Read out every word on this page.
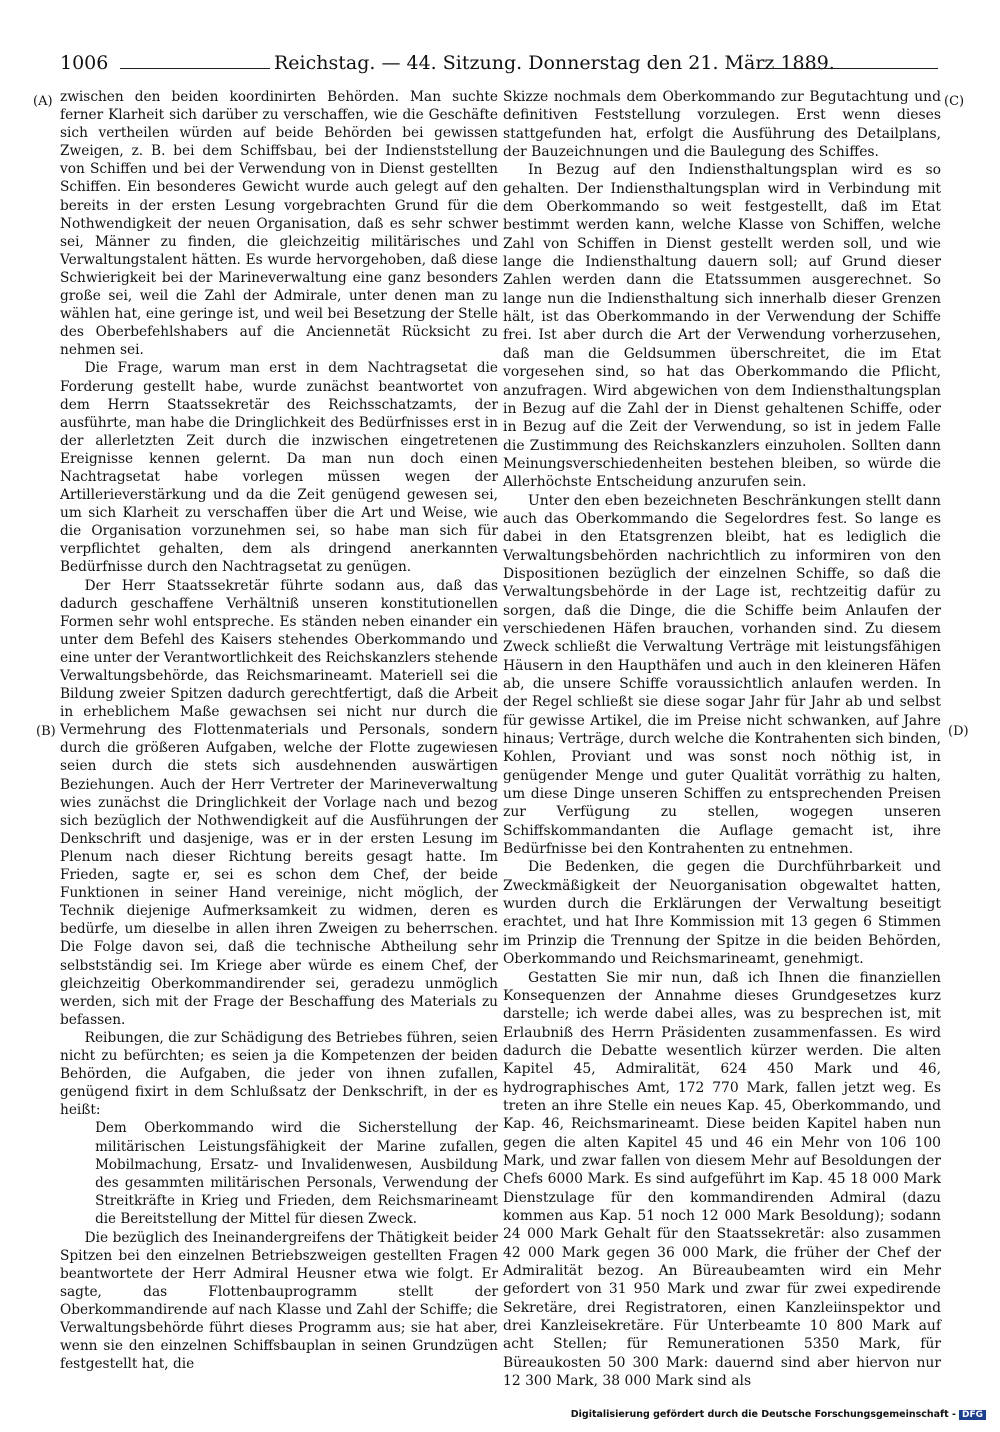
1006	Reichstag. — 44. Sitzung. Donnerstag den 21. März 1889.
(A)
(B)
(C)
(D)

zwischen den beiden koordinirten Behörden. Man suchte ferner Klarheit sich darüber zu verschaffen, wie die Geschäfte sich vertheilen würden auf beide Behörden bei gewissen Zweigen, z. B. bei dem Schiffsbau, bei der Indienststellung von Schiffen und bei der Verwendung von in Dienst gestellten Schiffen. Ein besonderes Gewicht wurde auch gelegt auf den bereits in der ersten Lesung vorgebrachten Grund für die Nothwendigkeit der neuen Organisation, daß es sehr schwer sei, Männer zu finden, die gleichzeitig militärisches und Verwaltungstalent hätten. Es wurde hervorgehoben, daß diese Schwierigkeit bei der Marineverwaltung eine ganz besonders große sei, weil die Zahl der Admirale, unter denen man zu wählen hat, eine geringe ist, und weil bei Besetzung der Stelle des Oberbefehlshabers auf die Anciennetät Rücksicht zu nehmen sei.

Die Frage, warum man erst in dem Nachtragsetat die Forderung gestellt habe, wurde zunächst beantwortet von dem Herrn Staatssekretär des Reichsschatzamts, der ausführte, man habe die Dringlichkeit des Bedürfnisses erst in der allerletzten Zeit durch die inzwischen eingetretenen Ereignisse kennen gelernt. Da man nun doch einen Nachtragsetat habe vorlegen müssen wegen der Artillerieverstärkung und da die Zeit genügend gewesen sei, um sich Klarheit zu verschaffen über die Art und Weise, wie die Organisation vorzunehmen sei, so habe man sich für verpflichtet gehalten, dem als dringend anerkannten Bedürfnisse durch den Nachtragsetat zu genügen.

Der Herr Staatssekretär führte sodann aus, daß das dadurch geschaffene Verhältniß unseren konstitutionellen Formen sehr wohl entspreche. Es ständen neben einander ein unter dem Befehl des Kaisers stehendes Oberkommando und eine unter der Verantwortlichkeit des Reichskanzlers stehende Verwaltungsbehörde, das Reichsmarineamt. Materiell sei die Bildung zweier Spitzen dadurch gerechtfertigt, daß die Arbeit in erheblichem Maße gewachsen sei nicht nur durch die Vermehrung des Flottenmaterials und Personals, sondern durch die größeren Aufgaben, welche der Flotte zugewiesen seien durch die stets sich ausdehnenden auswärtigen Beziehungen. Auch der Herr Vertreter der Marineverwaltung wies zunächst die Dringlichkeit der Vorlage nach und bezog sich bezüglich der Nothwendigkeit auf die Ausführungen der Denkschrift und dasjenige, was er in der ersten Lesung im Plenum nach dieser Richtung bereits gesagt hatte. Im Frieden, sagte er, sei es schon dem Chef, der beide Funktionen in seiner Hand vereinige, nicht möglich, der Technik diejenige Aufmerksamkeit zu widmen, deren es bedürfe, um dieselbe in allen ihren Zweigen zu beherrschen. Die Folge davon sei, daß die technische Abtheilung sehr selbstständig sei. Im Kriege aber würde es einem Chef, der gleichzeitig Oberkommandirender sei, geradezu unmöglich werden, sich mit der Frage der Beschaffung des Materials zu befassen.

Reibungen, die zur Schädigung des Betriebes führen, seien nicht zu befürchten; es seien ja die Kompetenzen der beiden Behörden, die Aufgaben, die jeder von ihnen zufallen, genügend fixirt in dem Schlußsatz der Denkschrift, in der es heißt:

Dem Oberkommando wird die Sicherstellung der militärischen Leistungsfähigkeit der Marine zufallen, Mobilmachung, Ersatz- und Invalidenwesen, Ausbildung des gesammten militärischen Personals, Verwendung der Streitkräfte in Krieg und Frieden, dem Reichsmarineamt die Bereitstellung der Mittel für diesen Zweck.

Die bezüglich des Ineinandergreifens der Thätigkeit beider Spitzen bei den einzelnen Betriebszweigen gestellten Fragen beantwortete der Herr Admiral Heusner etwa wie folgt. Er sagte, das Flottenbauprogramm stellt der Oberkommandirende auf nach Klasse und Zahl der Schiffe; die Verwaltungsbehörde führt dieses Programm aus; sie hat aber, wenn sie den einzelnen Schiffsbauplan in seinen Grundzügen festgestellt hat, die

Skizze nochmals dem Oberkommando zur Begutachtung und definitiven Feststellung vorzulegen. Erst wenn dieses stattgefunden hat, erfolgt die Ausführung des Detailplans, der Bauzeichnungen und die Baulegung des Schiffes.

In Bezug auf den Indiensthaltungsplan wird es so gehalten. Der Indiensthaltungsplan wird in Verbindung mit dem Oberkommando so weit festgestellt, daß im Etat bestimmt werden kann, welche Klasse von Schiffen, welche Zahl von Schiffen in Dienst gestellt werden soll, und wie lange die Indiensthaltung dauern soll; auf Grund dieser Zahlen werden dann die Etatssummen ausgerechnet. So lange nun die Indiensthaltung sich innerhalb dieser Grenzen hält, ist das Oberkommando in der Verwendung der Schiffe frei. Ist aber durch die Art der Verwendung vorherzusehen, daß man die Geldsummen überschreitet, die im Etat vorgesehen sind, so hat das Oberkommando die Pflicht, anzufragen. Wird abgewichen von dem Indiensthaltungsplan in Bezug auf die Zahl der in Dienst gehaltenen Schiffe, oder in Bezug auf die Zeit der Verwendung, so ist in jedem Falle die Zustimmung des Reichskanzlers einzuholen. Sollten dann Meinungsverschiedenheiten bestehen bleiben, so würde die Allerhöchste Entscheidung anzurufen sein.

Unter den eben bezeichneten Beschränkungen stellt dann auch das Oberkommando die Segelordres fest. So lange es dabei in den Etatsgrenzen bleibt, hat es lediglich die Verwaltungsbehörden nachrichtlich zu informiren von den Dispositionen bezüglich der einzelnen Schiffe, so daß die Verwaltungsbehörde in der Lage ist, rechtzeitig dafür zu sorgen, daß die Dinge, die die Schiffe beim Anlaufen der verschiedenen Häfen brauchen, vorhanden sind. Zu diesem Zweck schließt die Verwaltung Verträge mit leistungsfähigen Häusern in den Haupthäfen und auch in den kleineren Häfen ab, die unsere Schiffe voraussichtlich anlaufen werden. In der Regel schließt sie diese sogar Jahr für Jahr ab und selbst für gewisse Artikel, die im Preise nicht schwanken, auf Jahre hinaus; Verträge, durch welche die Kontrahenten sich binden, Kohlen, Proviant und was sonst noch nöthig ist, in genügender Menge und guter Qualität vorräthig zu halten, um diese Dinge unseren Schiffen zu entsprechenden Preisen zur Verfügung zu stellen, wogegen unseren Schiffskommandanten die Auflage gemacht ist, ihre Bedürfnisse bei den Kontrahenten zu entnehmen.

Die Bedenken, die gegen die Durchführbarkeit und Zweckmäßigkeit der Neuorganisation obgewaltet hatten, wurden durch die Erklärungen der Verwaltung beseitigt erachtet, und hat Ihre Kommission mit 13 gegen 6 Stimmen im Prinzip die Trennung der Spitze in die beiden Behörden, Oberkommando und Reichsmarineamt, genehmigt.

Gestatten Sie mir nun, daß ich Ihnen die finanziellen Konsequenzen der Annahme dieses Grundgesetzes kurz darstelle; ich werde dabei alles, was zu besprechen ist, mit Erlaubniß des Herrn Präsidenten zusammenfassen. Es wird dadurch die Debatte wesentlich kürzer werden. Die alten Kapitel 45, Admiralität, 624 450 Mark und 46, hydrographisches Amt, 172 770 Mark, fallen jetzt weg. Es treten an ihre Stelle ein neues Kap. 45, Oberkommando, und Kap. 46, Reichsmarineamt. Diese beiden Kapitel haben nun gegen die alten Kapitel 45 und 46 ein Mehr von 106 100 Mark, und zwar fallen von diesem Mehr auf Besoldungen der Chefs 6000 Mark. Es sind aufgeführt im Kap. 45 18 000 Mark Dienstzulage für den kommandirenden Admiral (dazu kommen aus Kap. 51 noch 12 000 Mark Besoldung); sodann 24 000 Mark Gehalt für den Staatssekretär: also zusammen 42 000 Mark gegen 36 000 Mark, die früher der Chef der Admiralität bezog. An Büreaubeamten wird ein Mehr gefordert von 31 950 Mark und zwar für zwei expedirende Sekretäre, drei Registratoren, einen Kanzleiinspektor und drei Kanzleisekretäre. Für Unterbeamte 10 800 Mark auf acht Stellen; für Remunerationen 5350 Mark, für Büreaukosten 50 300 Mark: dauernd sind aber hiervon nur 12 300 Mark, 38 000 Mark sind als

Digitalisierung gefördert durch die Deutsche Forschungsgemeinschaft - DFG
